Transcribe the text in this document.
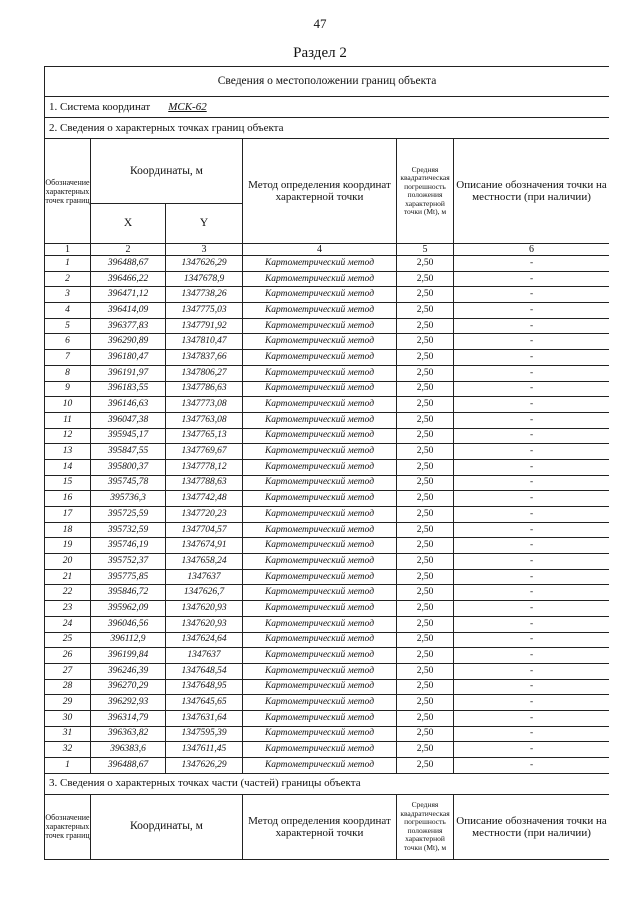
47
Раздел 2
Сведения о местоположении границ объекта					
1. Система координат МСК-62					
2. Сведения о характерных точках границ объекта					
Обозначение характерных точек границ	Координаты, м		Метод определения координат характерной точки	Средняя квадратическая погрешность положения характерной точки (Мt), м	Описание обозначения точки на местности (при наличии)
	X	Y			
1	2	3	4	5	6
1	396488,67	1347626,29	Картометрический метод	2,50	-
2	396466,22	1347678,9	Картометрический метод	2,50	-
3	396471,12	1347738,26	Картометрический метод	2,50	-
4	396414,09	1347775,03	Картометрический метод	2,50	-
5	396377,83	1347791,92	Картометрический метод	2,50	-
6	396290,89	1347810,47	Картометрический метод	2,50	-
7	396180,47	1347837,66	Картометрический метод	2,50	-
8	396191,97	1347806,27	Картометрический метод	2,50	-
9	396183,55	1347786,63	Картометрический метод	2,50	-
10	396146,63	1347773,08	Картометрический метод	2,50	-
11	396047,38	1347763,08	Картометрический метод	2,50	-
12	395945,17	1347765,13	Картометрический метод	2,50	-
13	395847,55	1347769,67	Картометрический метод	2,50	-
14	395800,37	1347778,12	Картометрический метод	2,50	-
15	395745,78	1347788,63	Картометрический метод	2,50	-
16	395736,3	1347742,48	Картометрический метод	2,50	-
17	395725,59	1347720,23	Картометрический метод	2,50	-
18	395732,59	1347704,57	Картометрический метод	2,50	-
19	395746,19	1347674,91	Картометрический метод	2,50	-
20	395752,37	1347658,24	Картометрический метод	2,50	-
21	395775,85	1347637	Картометрический метод	2,50	-
22	395846,72	1347626,7	Картометрический метод	2,50	-
23	395962,09	1347620,93	Картометрический метод	2,50	-
24	396046,56	1347620,93	Картометрический метод	2,50	-
25	396112,9	1347624,64	Картометрический метод	2,50	-
26	396199,84	1347637	Картометрический метод	2,50	-
27	396246,39	1347648,54	Картометрический метод	2,50	-
28	396270,29	1347648,95	Картометрический метод	2,50	-
29	396292,93	1347645,65	Картометрический метод	2,50	-
30	396314,79	1347631,64	Картометрический метод	2,50	-
31	396363,82	1347595,39	Картометрический метод	2,50	-
32	396383,6	1347611,45	Картометрический метод	2,50	-
1	396488,67	1347626,29	Картометрический метод	2,50	-
3. Сведения о характерных точках части (частей) границы объекта					
Обозначение характерных точек границ	Координаты, м		Метод определения координат характерной точки	Средняя квадратическая погрешность положения характерной точки (Мt), м	Описание обозначения точки на местности (при наличии)
